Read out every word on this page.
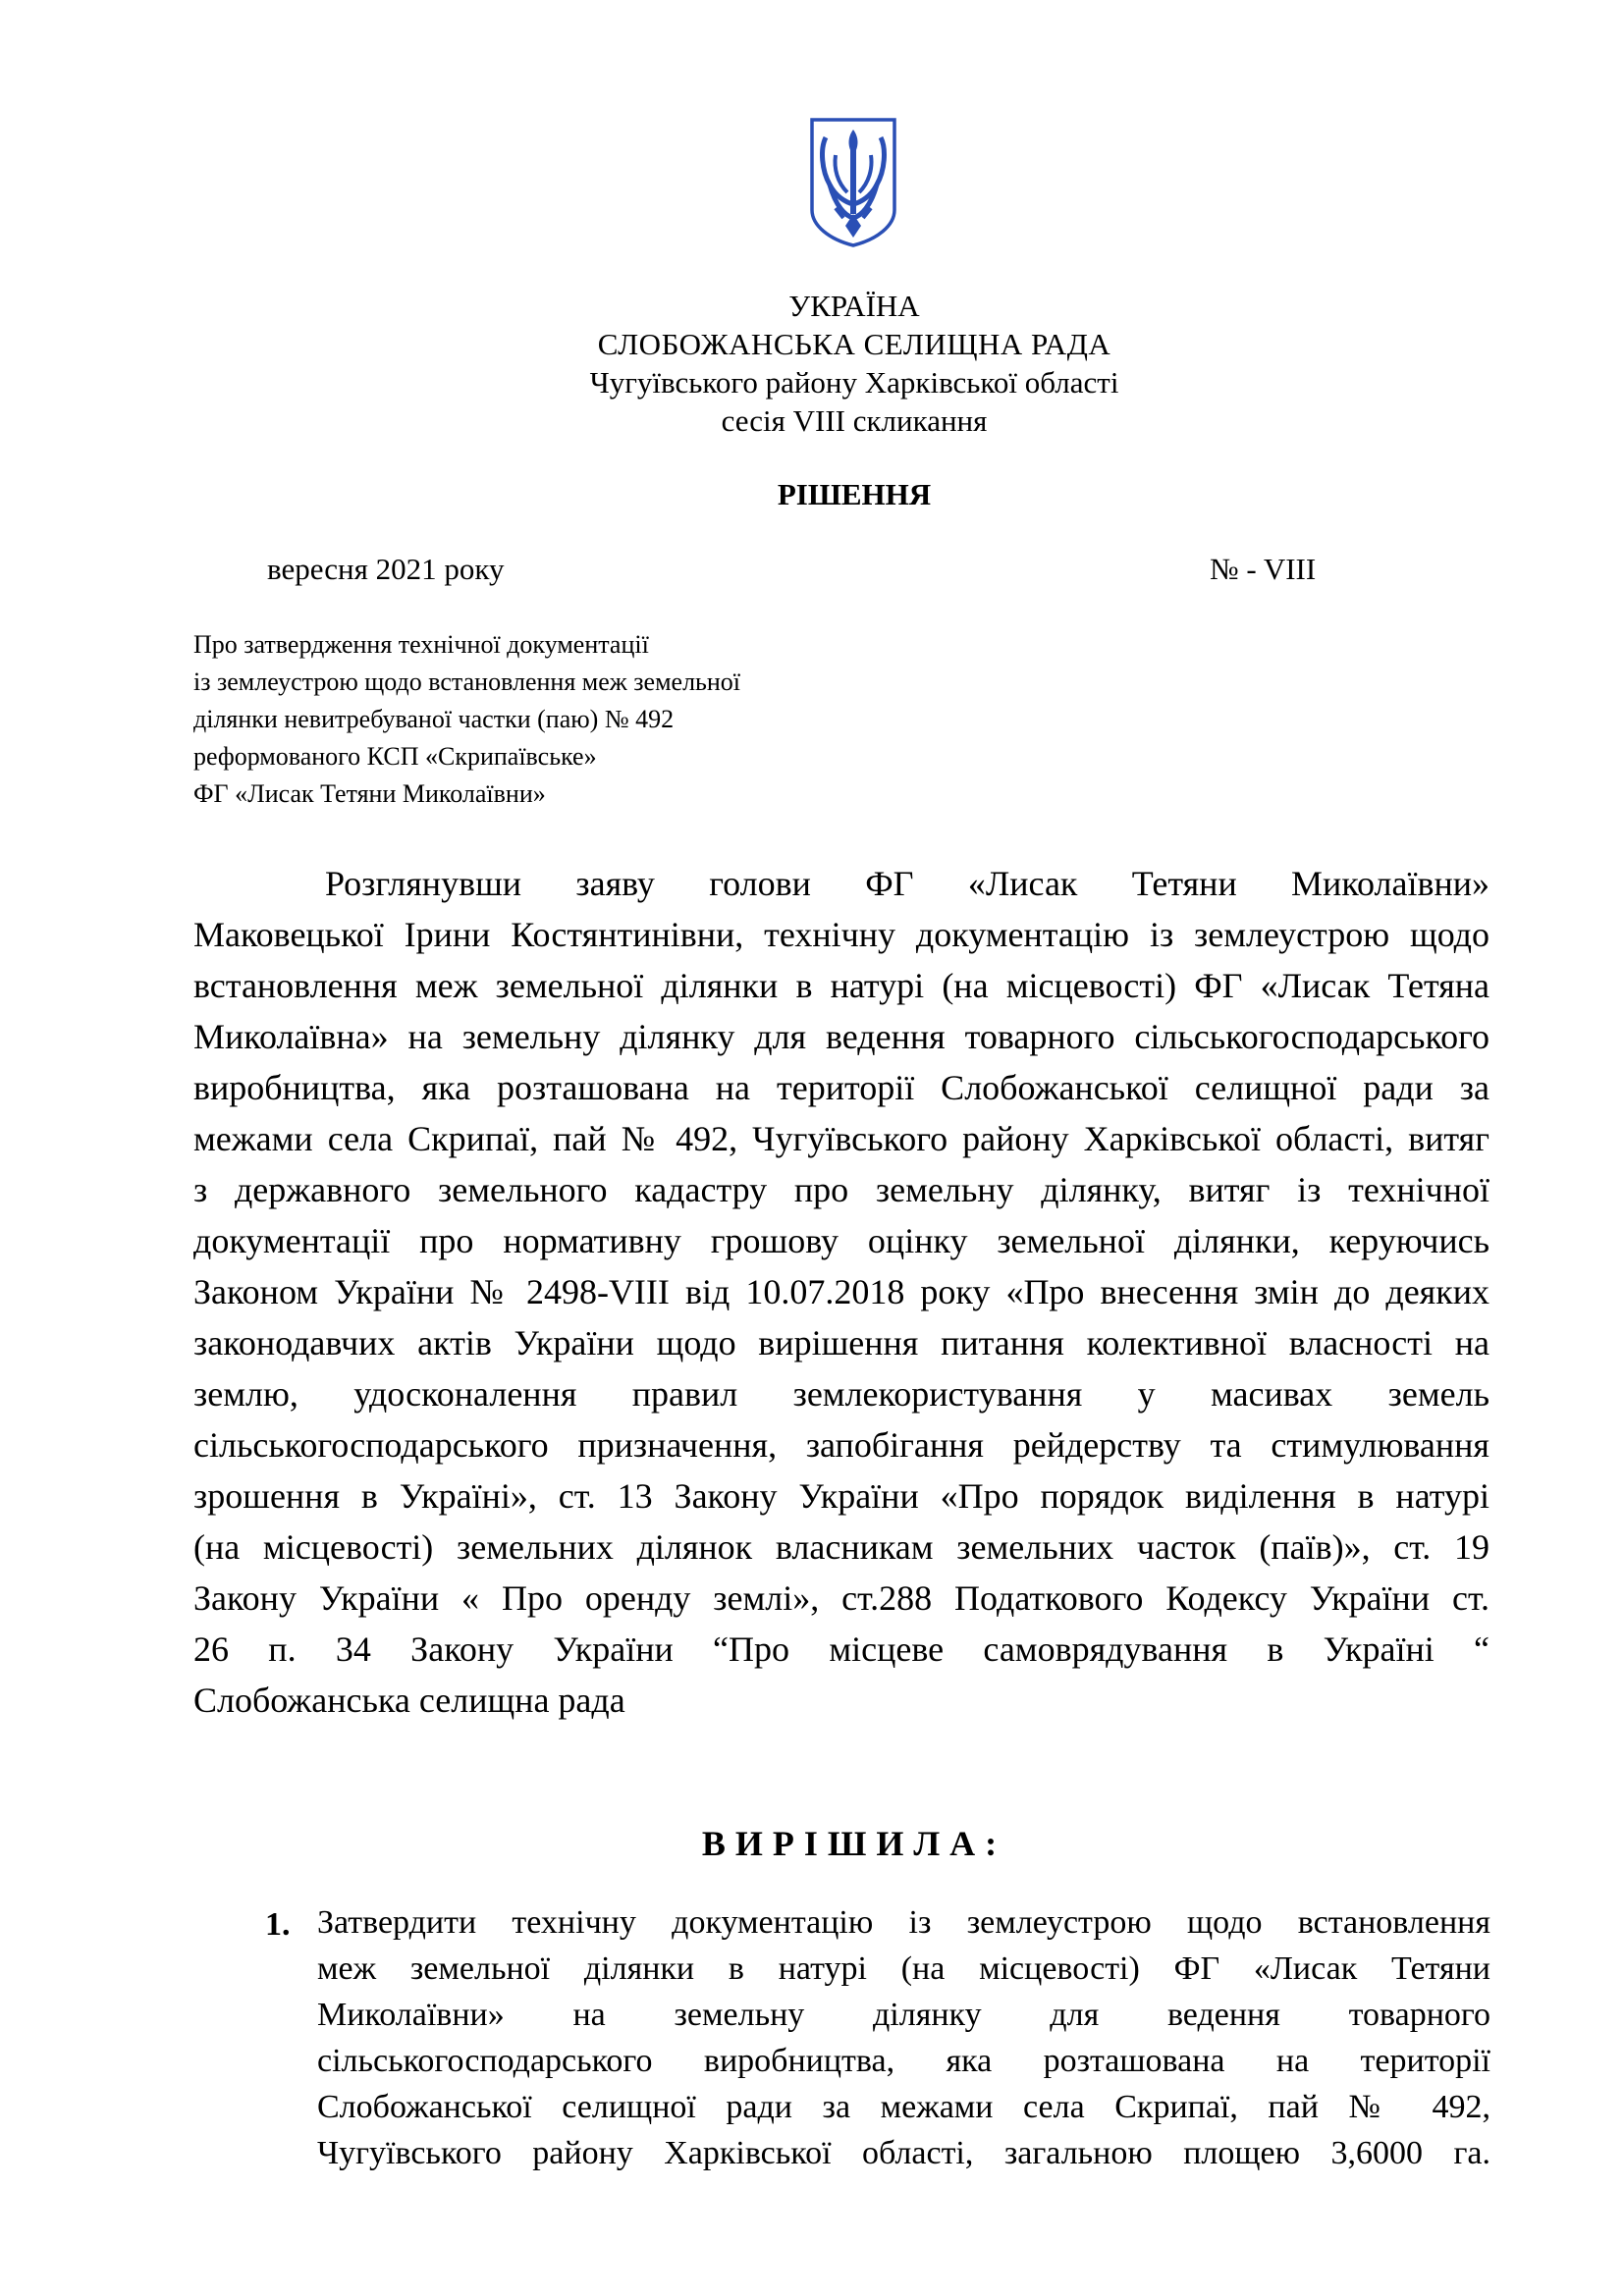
УКРАЇНА
СЛОБОЖАНСЬКА СЕЛИЩНА РАДА
Чугуївського району Харківської області
сесія VIII скликання
РІШЕННЯ
вересня 2021 року	№ - VIII
Про затвердження технічної документації
із землеустрою щодо встановлення меж земельної
ділянки невитребуваної частки (паю) № 492
реформованого КСП «Скрипаївське»
ФГ «Лисак Тетяни Миколаївни»
Розглянувши заяву голови ФГ «Лисак Тетяни Миколаївни»
Маковецької Ірини Костянтинівни, технічну документацію із землеустрою щодо
встановлення меж земельної ділянки в натурі (на місцевості) ФГ «Лисак Тетяна
Миколаївна» на земельну ділянку для ведення товарного сільськогосподарського
виробництва, яка розташована на території Слобожанської селищної ради за
межами села Скрипаї, пай № 492, Чугуївського району Харківської області, витяг
з державного земельного кадастру про земельну ділянку, витяг із технічної
документації про нормативну грошову оцінку земельної ділянки, керуючись
Законом України № 2498-VIII від 10.07.2018 року «Про внесення змін до деяких
законодавчих актів України щодо вирішення питання колективної власності на
землю, удосконалення правил землекористування у масивах земель
сільськогосподарського призначення, запобігання рейдерству та стимулювання
зрошення в Україні», ст. 13 Закону України «Про порядок виділення в натурі
(на місцевості) земельних ділянок власникам земельних часток (паїв)», ст. 19
Закону України « Про оренду землі», ст.288 Податкового Кодексу України ст.
26 п. 34 Закону України “Про місцеве самоврядування в Україні “
Слобожанська селищна рада
ВИРІШИЛА:
1. Затвердити технічну документацію із землеустрою щодо встановлення
меж земельної ділянки в натурі (на місцевості) ФГ «Лисак Тетяни
Миколаївни» на земельну ділянку для ведення товарного
сільськогосподарського виробництва, яка розташована на території
Слобожанської селищної ради за межами села Скрипаї, пай № 492,
Чугуївського району Харківської області, загальною площею 3,6000 га.
